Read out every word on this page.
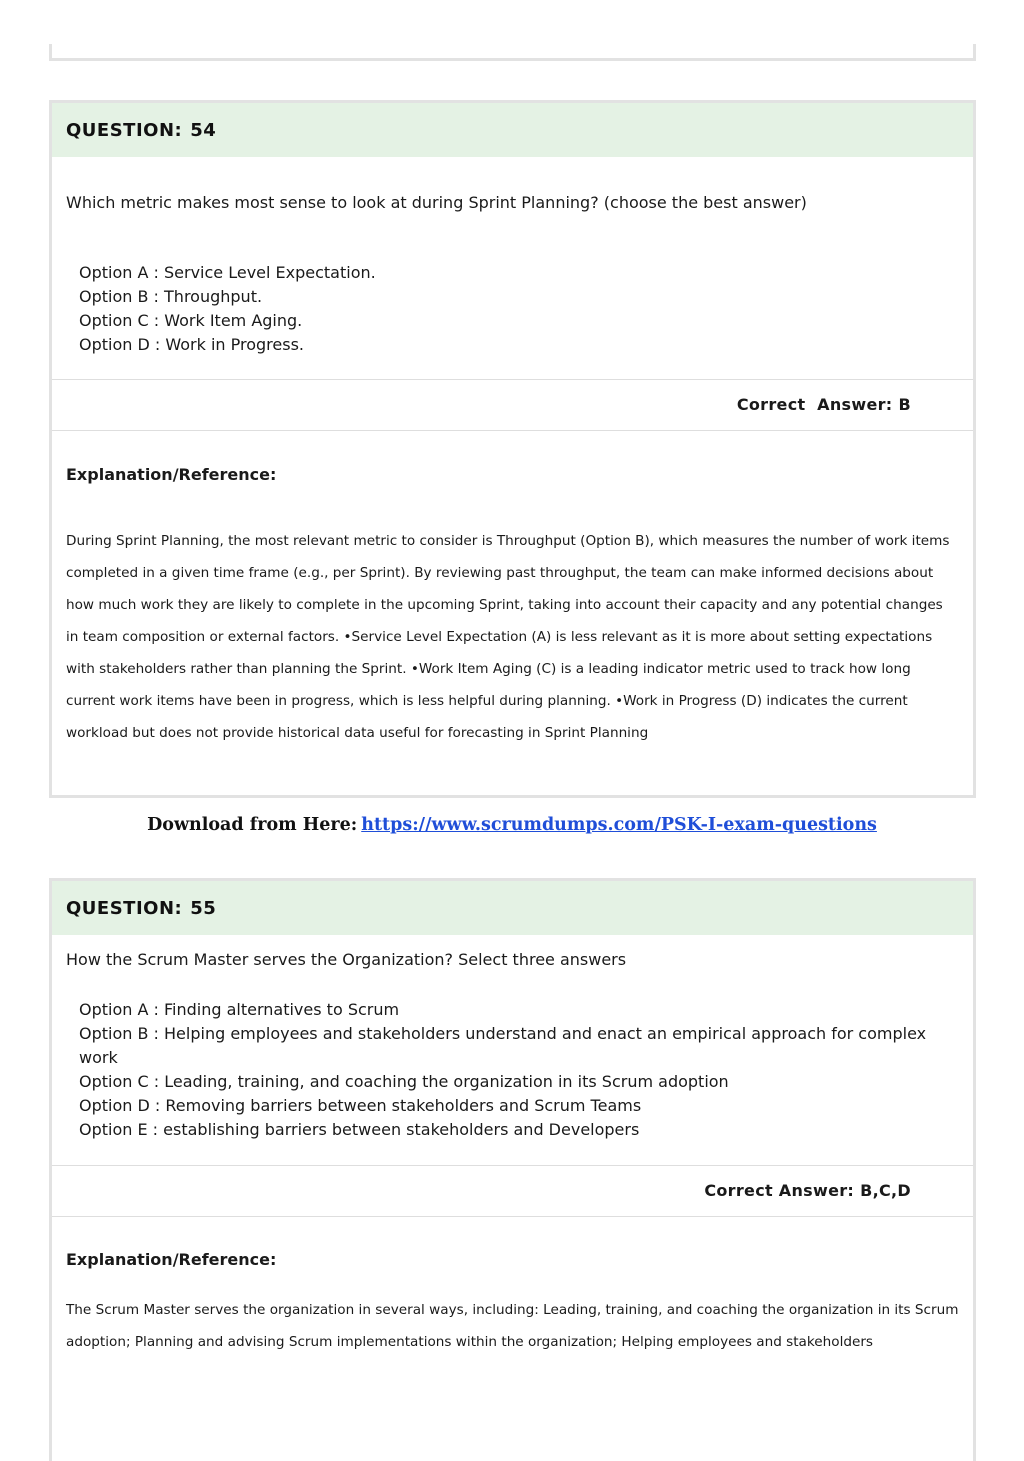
QUESTION: 54
Which metric makes most sense to look at during Sprint Planning? (choose the best answer)
Option A : Service Level Expectation.
Option B : Throughput.
Option C : Work Item Aging.
Option D : Work in Progress.
Correct  Answer: B
Explanation/Reference:
During Sprint Planning, the most relevant metric to consider is Throughput (Option B), which measures the number of work items completed in a given time frame (e.g., per Sprint). By reviewing past throughput, the team can make informed decisions about how much work they are likely to complete in the upcoming Sprint, taking into account their capacity and any potential changes in team composition or external factors. •Service Level Expectation (A) is less relevant as it is more about setting expectations with stakeholders rather than planning the Sprint. •Work Item Aging (C) is a leading indicator metric used to track how long current work items have been in progress, which is less helpful during planning. •Work in Progress (D) indicates the current workload but does not provide historical data useful for forecasting in Sprint Planning
Download from Here: https://www.scrumdumps.com/PSK-I-exam-questions
QUESTION: 55
How the Scrum Master serves the Organization? Select three answers
Option A : Finding alternatives to Scrum
Option B : Helping employees and stakeholders understand and enact an empirical approach for complex work
Option C : Leading, training, and coaching the organization in its Scrum adoption
Option D : Removing barriers between stakeholders and Scrum Teams
Option E : establishing barriers between stakeholders and Developers
Correct Answer: B,C,D
Explanation/Reference:
The Scrum Master serves the organization in several ways, including: Leading, training, and coaching the organization in its Scrum adoption; Planning and advising Scrum implementations within the organization; Helping employees and stakeholders
